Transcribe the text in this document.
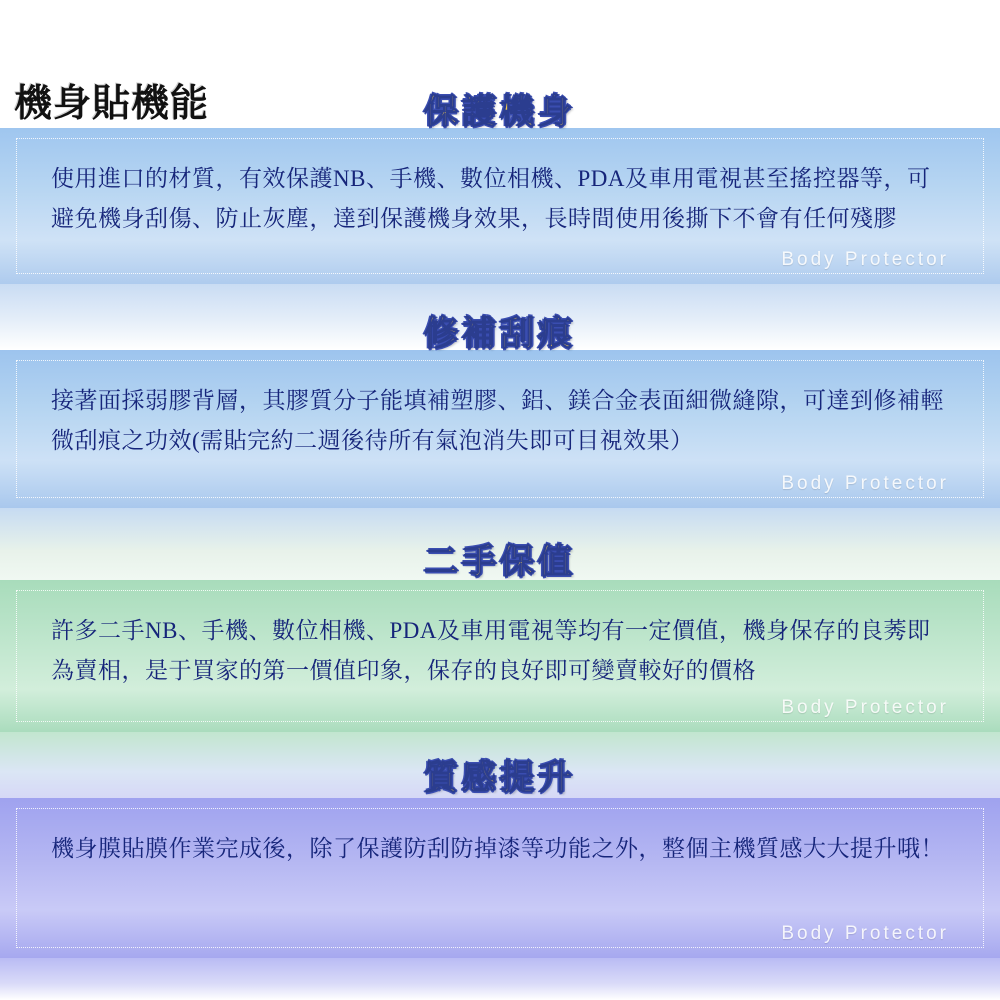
機身貼機能	保護機身
使用進口的材質，有效保護NB、手機、數位相機、PDA及車用電視甚至搖控器等，可避免機身刮傷、防止灰塵，達到保護機身效果，長時間使用後撕下不會有任何殘膠
Body Protector
修補刮痕
接著面採弱膠背層，其膠質分子能填補塑膠、鋁、鎂合金表面細微縫隙，可達到修補輕微刮痕之功效(需貼完約二週後待所有氣泡消失即可目視效果）
Body Protector
二手保值
許多二手NB、手機、數位相機、PDA及車用電視等均有一定價值，機身保存的良莠即為賣相，是于買家的第一價值印象，保存的良好即可變賣較好的價格
Body Protector
質感提升
機身膜貼膜作業完成後，除了保護防刮防掉漆等功能之外，整個主機質感大大提升哦！
Body Protector
